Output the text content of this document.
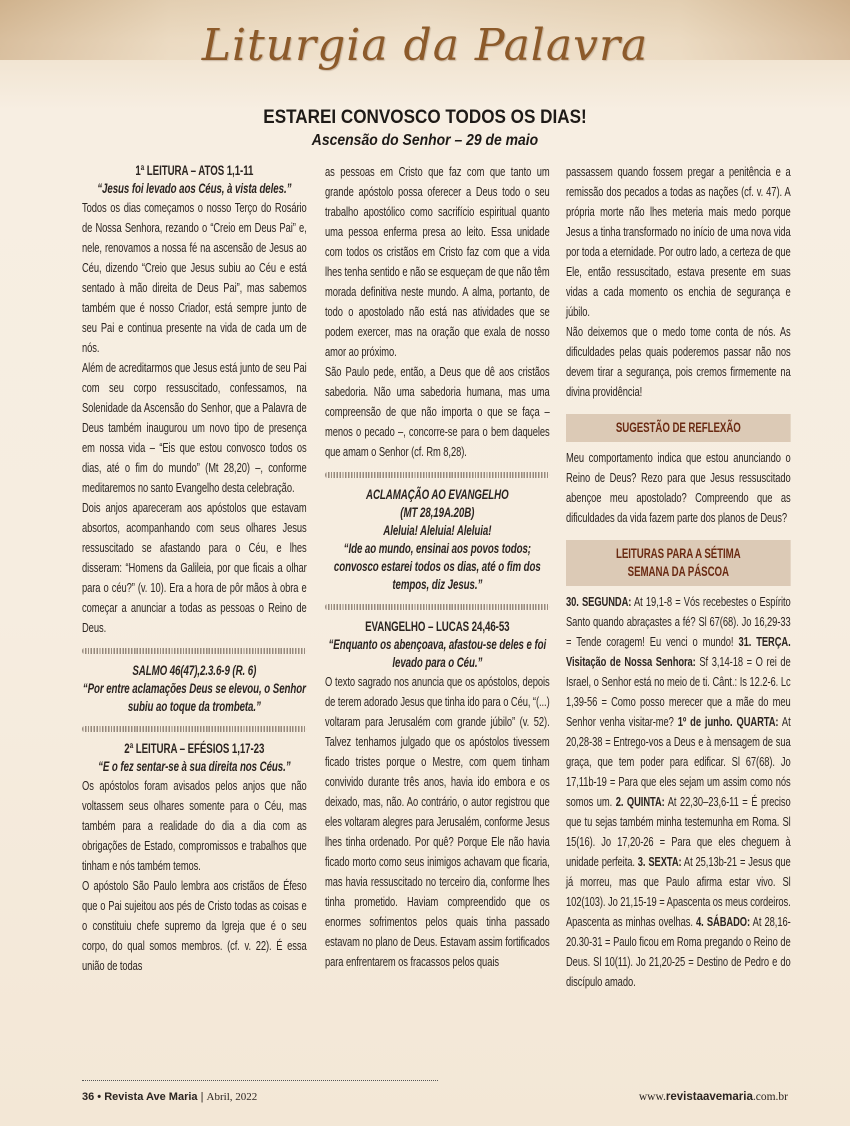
Liturgia da Palavra
ESTAREI CONVOSCO TODOS OS DIAS!
Ascensão do Senhor – 29 de maio
1ª LEITURA – ATOS 1,1-11
“Jesus foi levado aos Céus, à vista deles.”

Todos os dias começamos o nosso Terço do Rosário de Nossa Senhora, rezando o “Creio em Deus Pai” e, nele, renovamos a nossa fé na ascensão de Jesus ao Céu, dizendo “Creio que Jesus subiu ao Céu e está sentado à mão direita de Deus Pai”, mas sabemos também que é nosso Criador, está sempre junto de seu Pai e continua presente na vida de cada um de nós.

Além de acreditarmos que Jesus está junto de seu Pai com seu corpo ressuscitado, confessamos, na Solenidade da Ascensão do Senhor, que a Palavra de Deus também inaugurou um novo tipo de presença em nossa vida – “Eis que estou convosco todos os dias, até o fim do mundo” (Mt 28,20) –, conforme meditaremos no santo Evangelho desta celebração.

Dois anjos apareceram aos apóstolos que estavam absortos, acompanhando com seus olhares Jesus ressuscitado se afastando para o Céu, e lhes disseram: “Homens da Galileia, por que ficais a olhar para o céu?” (v. 10). Era a hora de pôr mãos à obra e começar a anunciar a todas as pessoas o Reino de Deus.

SALMO 46(47),2.3.6-9 (R. 6)
“Por entre aclamações Deus se elevou, o Senhor subiu ao toque da trombeta.”
2ª LEITURA – EFÉSIOS 1,17-23
“E o fez sentar-se à sua direita nos Céus.”

Os apóstolos foram avisados pelos anjos que não voltassem seus olhares somente para o Céu, mas também para a realidade do dia a dia com as obrigações de Estado, compromissos e trabalhos que tinham e nós também temos.

O apóstolo São Paulo lembra aos cristãos de Éfeso que o Pai sujeitou aos pés de Cristo todas as coisas e o constituiu chefe supremo da Igreja que é o seu corpo, do qual somos membros. (cf. v. 22). É essa união de todas

as pessoas em Cristo que faz com que tanto um grande apóstolo possa oferecer a Deus todo o seu trabalho apostólico como sacrifício espiritual quanto uma pessoa enferma presa ao leito. Essa unidade com todos os cristãos em Cristo faz com que a vida lhes tenha sentido e não se esqueçam de que não têm morada definitiva neste mundo. A alma, portanto, de todo o apostolado não está nas atividades que se podem exercer, mas na oração que exala de nosso amor ao próximo.

São Paulo pede, então, a Deus que dê aos cristãos sabedoria. Não uma sabedoria humana, mas uma compreensão de que não importa o que se faça – menos o pecado –, concorre-se para o bem daqueles que amam o Senhor (cf. Rm 8,28).

ACLAMAÇÃO AO EVANGELHO
(MT 28,19A.20B)
Aleluia! Aleluia! Aleluia!
“Ide ao mundo, ensinai aos povos todos; convosco estarei todos os dias, até o fim dos tempos, diz Jesus.”
EVANGELHO – LUCAS 24,46-53
“Enquanto os abençoava, afastou-se deles e foi levado para o Céu.”

O texto sagrado nos anuncia que os apóstolos, depois de terem adorado Jesus que tinha ido para o Céu, “(...) voltaram para Jerusalém com grande júbilo” (v. 52). Talvez tenhamos julgado que os apóstolos tivessem ficado tristes porque o Mestre, com quem tinham convivido durante três anos, havia ido embora e os deixado, mas, não. Ao contrário, o autor registrou que eles voltaram alegres para Jerusalém, conforme Jesus lhes tinha ordenado. Por quê? Porque Ele não havia ficado morto como seus inimigos achavam que ficaria, mas havia ressuscitado no terceiro dia, conforme lhes tinha prometido. Haviam compreendido que os enormes sofrimentos pelos quais tinha passado estavam no plano de Deus. Estavam assim fortificados para enfrentarem os fracassos pelos quais

passassem quando fossem pregar a penitência e a remissão dos pecados a todas as nações (cf. v. 47). A própria morte não lhes meteria mais medo porque Jesus a tinha transformado no início de uma nova vida por toda a eternidade. Por outro lado, a certeza de que Ele, então ressuscitado, estava presente em suas vidas a cada momento os enchia de segurança e júbilo.

Não deixemos que o medo tome conta de nós. As dificuldades pelas quais poderemos passar não nos devem tirar a segurança, pois cremos firmemente na divina providência!

SUGESTÃO DE REFLEXÃO

Meu comportamento indica que estou anunciando o Reino de Deus? Rezo para que Jesus ressuscitado abençoe meu apostolado? Compreendo que as dificuldades da vida fazem parte dos planos de Deus?

LEITURAS PARA A SÉTIMA
SEMANA DA PÁSCOA

30. SEGUNDA: At 19,1-8 = Vós recebestes o Espírito Santo quando abraçastes a fé? Sl 67(68). Jo 16,29-33 = Tende coragem! Eu venci o mundo! 31. TERÇA. Visitação de Nossa Senhora: Sf 3,14-18 = O rei de Israel, o Senhor está no meio de ti. Cânt.: Is 12.2-6. Lc 1,39-56 = Como posso merecer que a mãe do meu Senhor venha visitar-me? 1º de junho. QUARTA: At 20,28-38 = Entrego-vos a Deus e à mensagem de sua graça, que tem poder para edificar. Sl 67(68). Jo 17,11b-19 = Para que eles sejam um assim como nós somos um. 2. QUINTA: At 22,30–23,6-11 = É preciso que tu sejas também minha testemunha em Roma. Sl 15(16). Jo 17,20-26 = Para que eles cheguem à unidade perfeita. 3. SEXTA: At 25,13b-21 = Jesus que já morreu, mas que Paulo afirma estar vivo. Sl 102(103). Jo 21,15-19 = Apascenta os meus cordeiros. Apascenta as minhas ovelhas. 4. SÁBADO: At 28,16-20.30-31 = Paulo ficou em Roma pregando o Reino de Deus. Sl 10(11). Jo 21,20-25 = Destino de Pedro e do discípulo amado.

36 • Revista Ave Maria | Abril, 2022	www.revistaavemaria.com.br
